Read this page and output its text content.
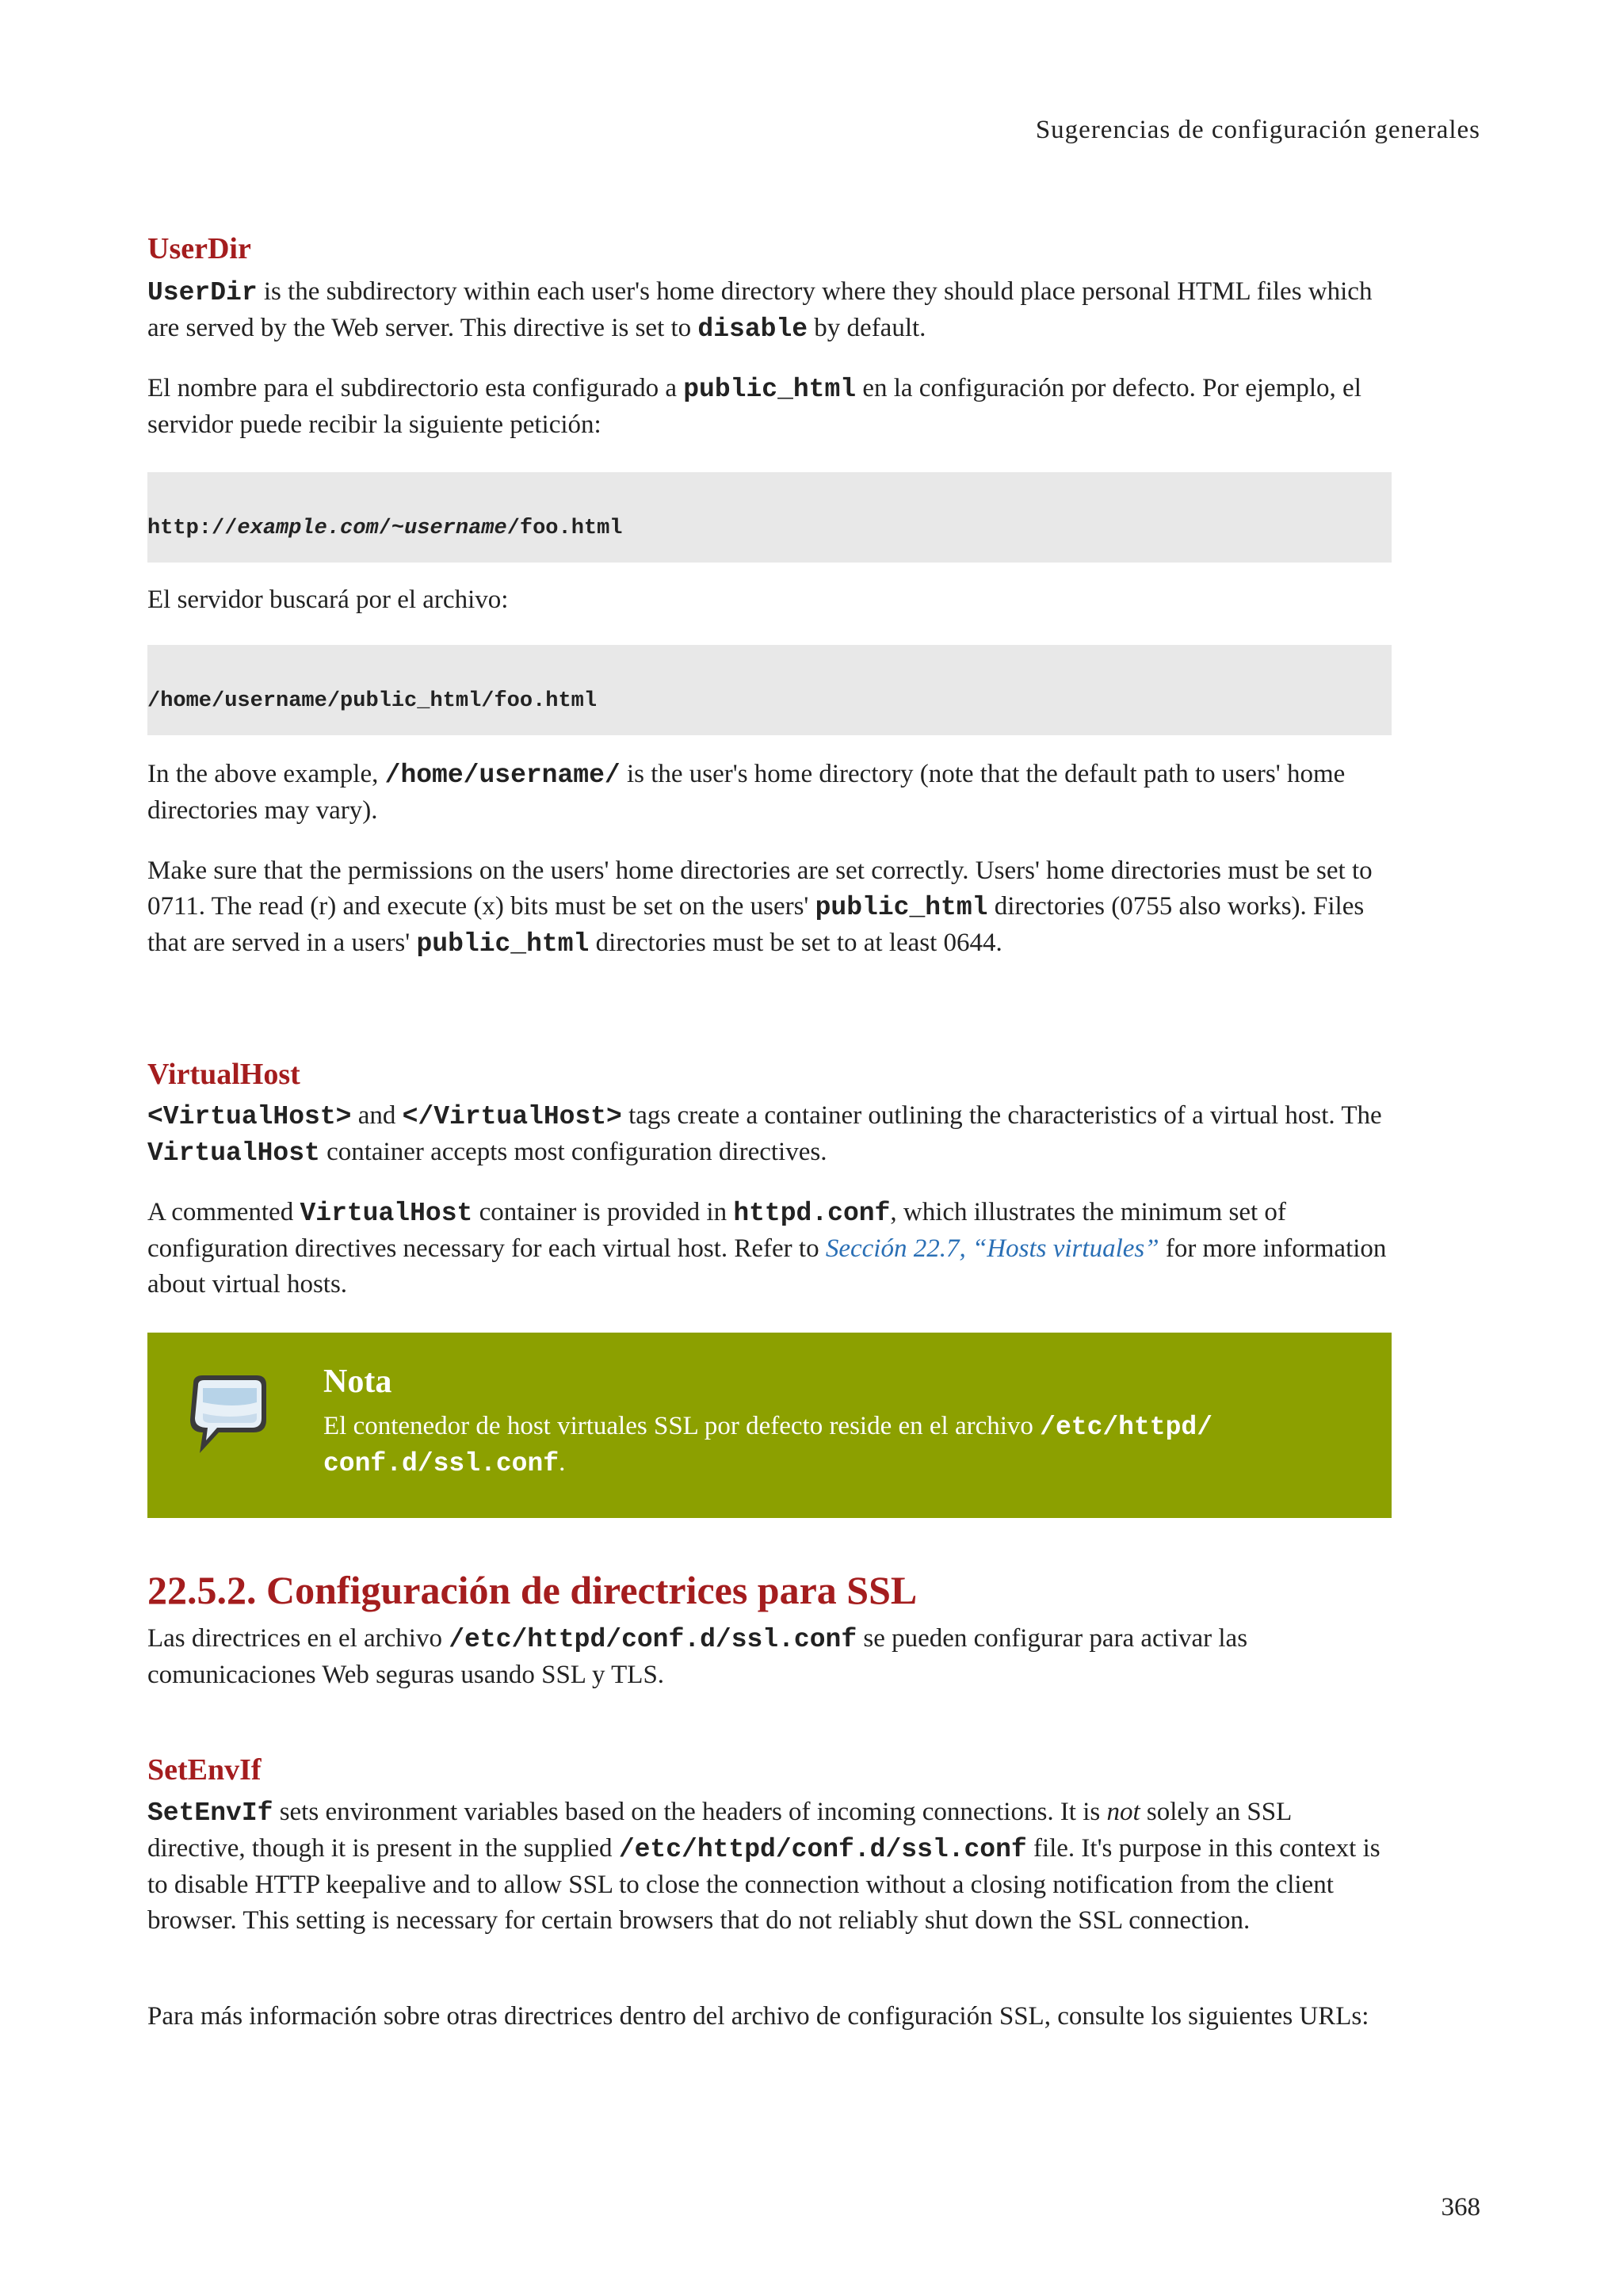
Sugerencias de configuración generales
UserDir

UserDir is the subdirectory within each user's home directory where they should place personal HTML files which are served by the Web server. This directive is set to disable by default.

El nombre para el subdirectorio esta configurado a public_html en la configuración por defecto. Por ejemplo, el servidor puede recibir la siguiente petición:

http://example.com/~username/foo.html

El servidor buscará por el archivo:

/home/username/public_html/foo.html

In the above example, /home/username/ is the user's home directory (note that the default path to users' home directories may vary).

Make sure that the permissions on the users' home directories are set correctly. Users' home directories must be set to 0711. The read (r) and execute (x) bits must be set on the users' public_html directories (0755 also works). Files that are served in a users' public_html directories must be set to at least 0644.

VirtualHost

<VirtualHost> and </VirtualHost> tags create a container outlining the characteristics of a virtual host. The VirtualHost container accepts most configuration directives.

A commented VirtualHost container is provided in httpd.conf, which illustrates the minimum set of configuration directives necessary for each virtual host. Refer to Sección 22.7, “Hosts virtuales” for more information about virtual hosts.

Nota

El contenedor de host virtuales SSL por defecto reside en el archivo /etc/httpd/ conf.d/ssl.conf.

22.5.2. Configuración de directrices para SSL

Las directrices en el archivo /etc/httpd/conf.d/ssl.conf se pueden configurar para activar las comunicaciones Web seguras usando SSL y TLS.

SetEnvIf

SetEnvIf sets environment variables based on the headers of incoming connections. It is not solely an SSL directive, though it is present in the supplied /etc/httpd/conf.d/ssl.conf file. It's purpose in this context is to disable HTTP keepalive and to allow SSL to close the connection without a closing notification from the client browser. This setting is necessary for certain browsers that do not reliably shut down the SSL connection.

Para más información sobre otras directrices dentro del archivo de configuración SSL, consulte los siguientes URLs:

368
